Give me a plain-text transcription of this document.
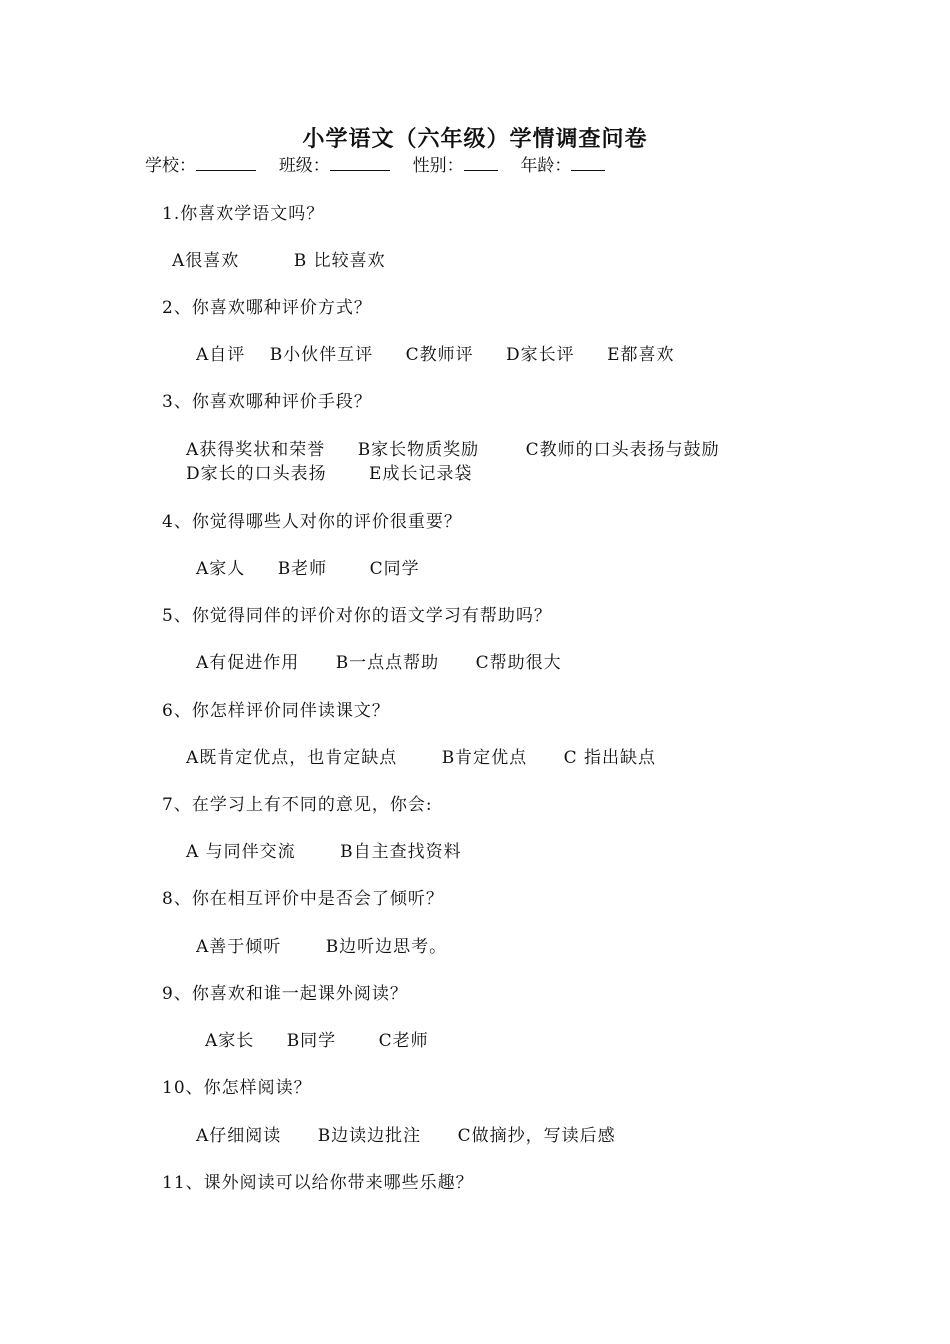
小学语文（六年级）学情调查问卷
学校：	班级：	性别：	年龄：
1.你喜欢学语文吗？
A很喜欢	B 比较喜欢
2、你喜欢哪种评价方式？
A自评 B小伙伴互评 C教师评 D家长评 E都喜欢
3、你喜欢哪种评价手段？
A获得奖状和荣誉 B家长物质奖励	C教师的口头表扬与鼓励
D家长的口头表扬 E成长记录袋
4、你觉得哪些人对你的评价很重要？
A家人 B老师 C同学
5、你觉得同伴的评价对你的语文学习有帮助吗？
A有促进作用 B一点点帮助 C帮助很大
6、你怎样评价同伴读课文？
A既肯定优点，也肯定缺点	B肯定优点 C 指出缺点
7、在学习上有不同的意见，你会:
A 与同伴交流	B自主查找资料
8、你在相互评价中是否会了倾听？
A善于倾听	B边听边思考。
9、你喜欢和谁一起课外阅读？
A家长 B同学 C老师
10、你怎样阅读？
A仔细阅读 B边读边批注 C做摘抄，写读后感
11、课外阅读可以给你带来哪些乐趣？
